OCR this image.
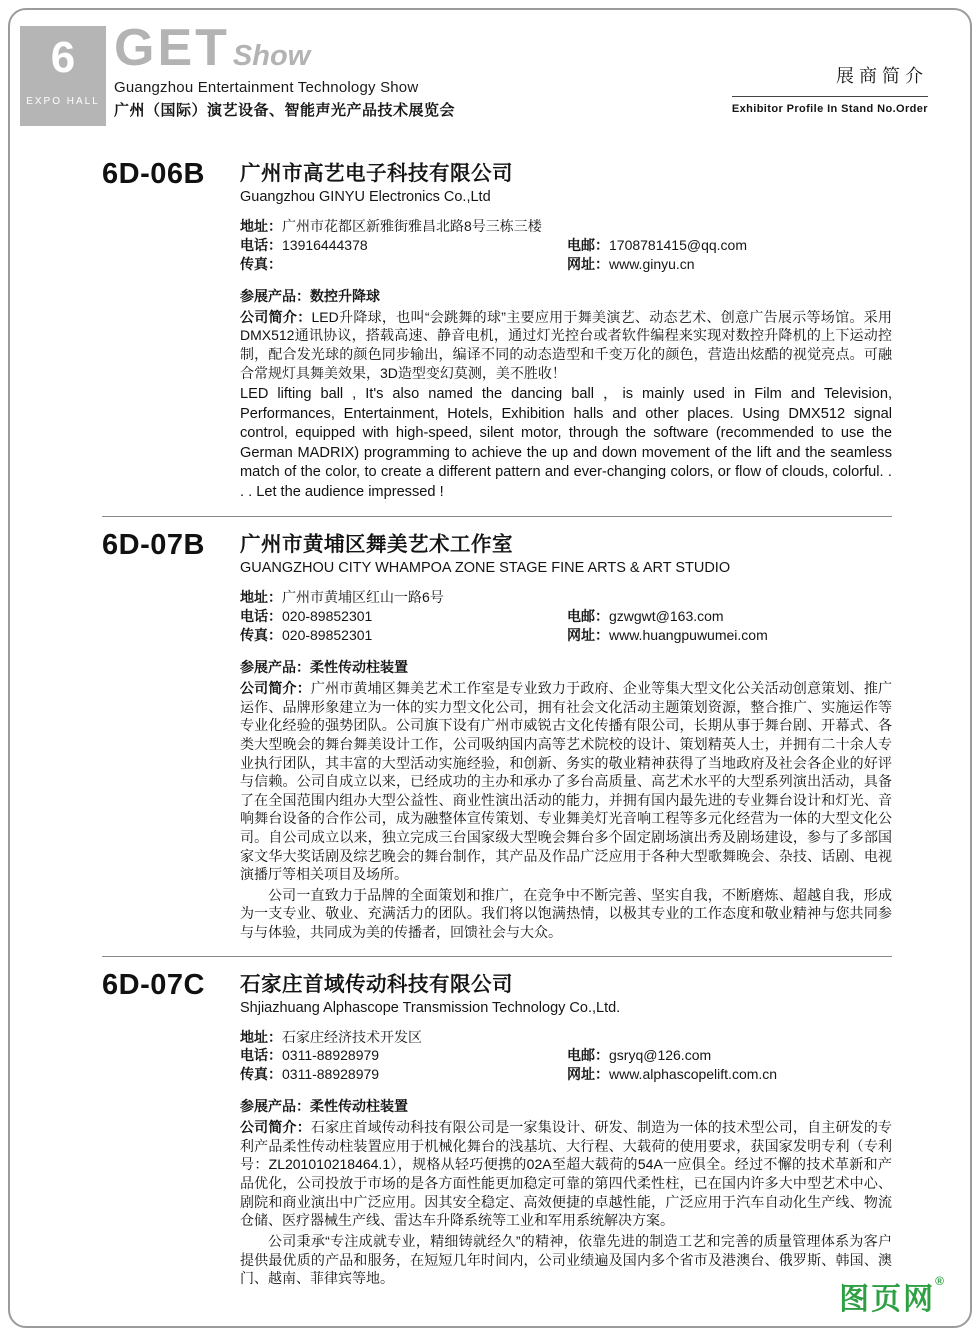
6
EXPO HALL
GET Show
Guangzhou Entertainment Technology Show
广州（国际）演艺设备、智能声光产品技术展览会
展商简介
Exhibitor Profile In Stand No.Order
6D-06B	广州市高艺电子科技有限公司
Guangzhou GINYU Electronics Co.,Ltd
地址：广州市花都区新雅街雅昌北路8号三栋三楼
电话：13916444378	电邮：1708781415@qq.com
传真：	网址：www.ginyu.cn
参展产品：数控升降球

公司简介：LED升降球，也叫“会跳舞的球”主要应用于舞美演艺、动态艺术、创意广告展示等场馆。采用DMX512通讯协议，搭载高速、静音电机，通过灯光控台或者软件编程来实现对数控升降机的上下运动控制，配合发光球的颜色同步输出，编译不同的动态造型和千变万化的颜色，营造出炫酷的视觉亮点。可融合常规灯具舞美效果，3D造型变幻莫测，美不胜收！

LED lifting ball , It's also named the dancing ball ，is mainly used in Film and Television, Performances, Entertainment, Hotels, Exhibition halls and other places. Using DMX512 signal control, equipped with high-speed, silent motor, through the software (recommended to use the German MADRIX) programming to achieve the up and down movement of the lift and the seamless match of the color, to create a different pattern and ever-changing colors, or flow of clouds, colorful. . . . Let the audience impressed !

6D-07B	广州市黄埔区舞美艺术工作室
GUANGZHOU CITY WHAMPOA ZONE STAGE FINE ARTS & ART STUDIO
地址：广州市黄埔区红山一路6号
电话：020-89852301	电邮：gzwgwt@163.com
传真：020-89852301	网址：www.huangpuwumei.com
参展产品：柔性传动柱装置

公司简介：广州市黄埔区舞美艺术工作室是专业致力于政府、企业等集大型文化公关活动创意策划、推广运作、品牌形象建立为一体的实力型文化公司，拥有社会文化活动主题策划资源，整合推广、实施运作等专业化经验的强势团队。公司旗下设有广州市威锐古文化传播有限公司，长期从事于舞台剧、开幕式、各类大型晚会的舞台舞美设计工作，公司吸纳国内高等艺术院校的设计、策划精英人士，并拥有二十余人专业执行团队，其丰富的大型活动实施经验，和创新、务实的敬业精神获得了当地政府及社会各企业的好评与信赖。公司自成立以来，已经成功的主办和承办了多台高质量、高艺术水平的大型系列演出活动，具备了在全国范围内组办大型公益性、商业性演出活动的能力，并拥有国内最先进的专业舞台设计和灯光、音响舞台设备的合作公司，成为融整体宣传策划、专业舞美灯光音响工程等多元化经营为一体的大型文化公司。自公司成立以来，独立完成三台国家级大型晚会舞台多个固定剧场演出秀及剧场建设，参与了多部国家文华大奖话剧及综艺晚会的舞台制作，其产品及作品广泛应用于各种大型歌舞晚会、杂技、话剧、电视演播厅等相关项目及场所。

公司一直致力于品牌的全面策划和推广，在竞争中不断完善、坚实自我，不断磨炼、超越自我，形成为一支专业、敬业、充满活力的团队。我们将以饱满热情，以极其专业的工作态度和敬业精神与您共同参与与体验，共同成为美的传播者，回馈社会与大众。

6D-07C	石家庄首域传动科技有限公司
Shjiazhuang Alphascope Transmission Technology Co.,Ltd.
地址：石家庄经济技术开发区
电话：0311-88928979	电邮：gsryq@126.com
传真：0311-88928979	网址：www.alphascopelift.com.cn
参展产品：柔性传动柱装置

公司简介：石家庄首域传动科技有限公司是一家集设计、研发、制造为一体的技术型公司，自主研发的专利产品柔性传动柱装置应用于机械化舞台的浅基坑、大行程、大载荷的使用要求，获国家发明专利（专利号：ZL201010218464.1），规格从轻巧便携的02A至超大载荷的54A一应俱全。经过不懈的技术革新和产品优化，公司投放于市场的是各方面性能更加稳定可靠的第四代柔性柱，已在国内许多大中型艺术中心、剧院和商业演出中广泛应用。因其安全稳定、高效便捷的卓越性能，广泛应用于汽车自动化生产线、物流仓储、医疗器械生产线、雷达车升降系统等工业和军用系统解决方案。

公司秉承“专注成就专业，精细铸就经久”的精神，依靠先进的制造工艺和完善的质量管理体系为客户提供最优质的产品和服务，在短短几年时间内，公司业绩遍及国内多个省市及港澳台、俄罗斯、韩国、澳门、越南、菲律宾等地。

图页网®
